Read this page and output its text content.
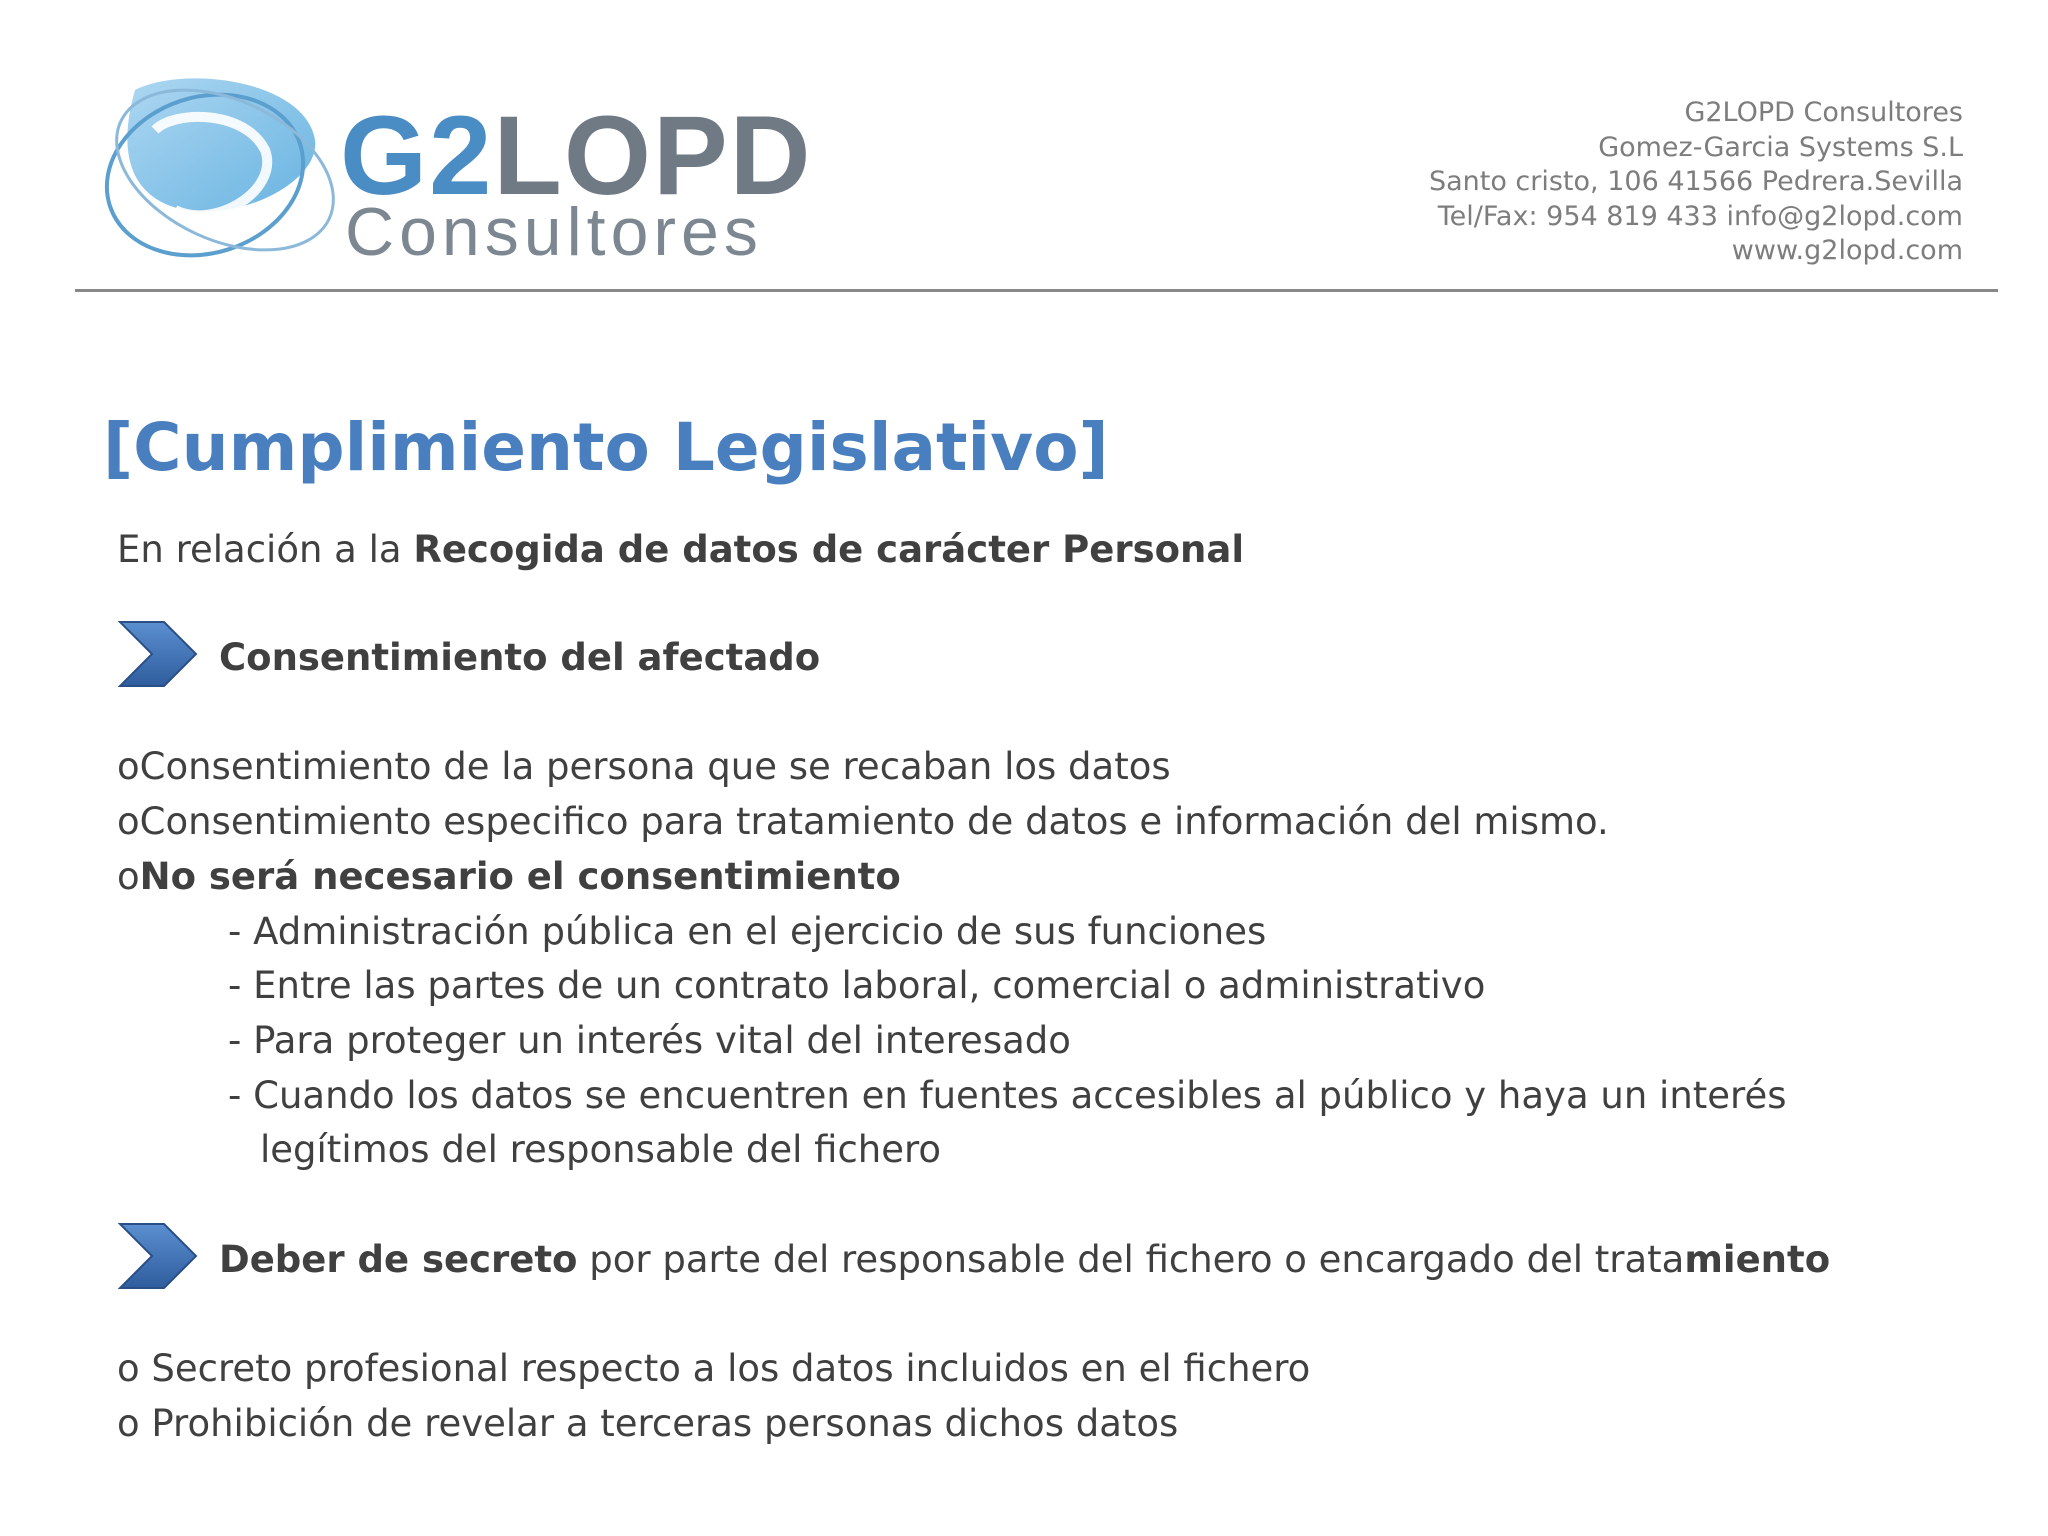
G2LOPD
Consultores
G2LOPD Consultores
Gomez-Garcia Systems S.L
Santo cristo, 106 41566 Pedrera.Sevilla
Tel/Fax: 954 819 433 info@g2lopd.com
www.g2lopd.com
[Cumplimiento Legislativo]
En relación a la Recogida de datos de carácter Personal
Consentimiento del afectado
oConsentimiento de la persona que se recaban los datos
oConsentimiento especifico para tratamiento de datos e información del mismo.
oNo será necesario el consentimiento
- Administración pública en el ejercicio de sus funciones
- Entre las partes de un contrato laboral, comercial o administrativo
- Para proteger un interés vital del interesado
- Cuando los datos se encuentren en fuentes accesibles al público y haya un interés
legítimos del responsable del fichero
Deber de secreto por parte del responsable del fichero o encargado del tratamiento
o Secreto profesional respecto a los datos incluidos en el fichero
o Prohibición de revelar a terceras personas dichos datos
